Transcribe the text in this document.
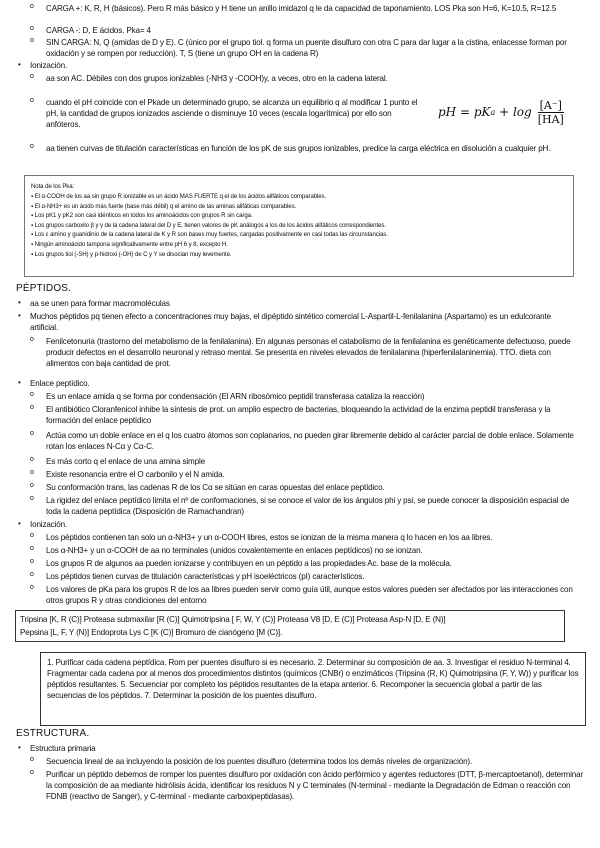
o CARGA +: K, R, H (básicos). Pero R más básico y H tiene un anillo imidazol q le da capacidad de taponamiento. LOS Pka son H=6, K=10.5, R=12.5
o CARGA -: D, E ácidos. Pka= 4
o SIN CARGA: N, Q (amidas de D y E). C (único por el grupo tiol. q forma un puente disulfuro con otra C para dar lugar a la cistina, enlacesse forman por oxidación y se rompen por reducción). T, S (tiene un grupo OH en la cadena R)
• Ionización.
o aa son AC. Débiles con dos grupos ionizables (-NH3 y -COOH)y, a veces, otro en la cadena lateral.
o cuando el pH coincide con el Pkade un determinado grupo, se alcanza un equilibrio q al modificar 1 punto el pH, la cantidad de grupos ionizados asciende o disminuye 10 veces (escala logarítmica) por ello son anfóteros.
o aa tienen curvas de titulación características en función de los pK de sus grupos ionizables, predice la carga eléctrica en disolución a cualquier pH.
pH = pK $a + \log \frac{[A^-]}{[HA]}$
Nota de los Pka:
▪ El α-COOH de los aa sin grupo R ionizable es un ácido MAS FUERTE q el de los ácidos alifáticos comparables.
▪ El α-NH3+ es un ácido más fuerte (base más débil) q el amino de las aminas alifáticas comparables.
▪ Los pK1 y pK2 son casi idénticos en todos los aminoácidos con grupos R sin carga.
▪ Los grupos carboxilo β y γ de la cadena lateral del D y E, tienen valores de pK análogos a los de los ácidos alifáticos correspondientes.
▪ Los ε amino y guanidinio de la cadena lateral de K y R son bases muy fuertes, cargadas positivamente en casi todas las circunstancias.
▪ Ningún aminoácido tampona significativamente entre pH 6 y 8, excepto H.
▪ Los grupos tiol (-SH) y p-hidroxi (-OH) de C y Y se disocian muy levemente.
PÉPTIDOS.
• aa se unen para formar macromoléculas
• Muchos péptidos pq tienen efecto a concentraciones muy bajas, el dipéptido sintético comercial L-Aspartil-L-fenilalanina (Aspartamo) es un edulcorante artificial.
o Fenilcetonuria (trastorno del metabolismo de la fenilalanina). En algunas personas el catabolismo de la fenilalanina es genéticamente defectuoso, puede producir defectos en el desarrollo neuronal y retraso mental. Se presenta en niveles elevados de fenilalanina (hiperfenilalaninemia). TTO. dieta con alimentos con baja cantidad de prot.
• Enlace peptídico.
o Es un enlace amida q se forma por condensación (El ARN ribosómico peptidil transferasa cataliza la reacción)
o El antibiótico Cloranfenicol inhibe la síntesis de prot. un amplio espectro de bacterias, bloqueando la actividad de la enzima peptidil transferasa y la formación del enlace peptídico
o Actúa como un doble enlace en el q los cuatro átomos son coplanarios, no pueden girar libremente debido al carácter parcial de doble enlace. Solamente rotan los enlaces N-Cα y Cα-C.
o Es más corto q el enlace de una amina simple
o Existe resonancia entre el O carbonilo y el N amida.
o Su conformación trans, las cadenas R de los Cα se sitúan en caras opuestas del enlace peptídico.
o La rigidez del enlace peptídico limita el nº de conformaciones, si se conoce el valor de los ángulos phi y psi, se puede conocer la disposición espacial de toda la cadena peptídica (Disposición de Ramachandran)
• Ionización.
o Los péptidos contienen tan solo un α-NH3+ y un α-COOH libres, estos se ionizan de la misma manera q lo hacen en los aa libres.
o Los α-NH3+ y un α-COOH de aa no terminales (unidos covalentemente en enlaces peptídicos) no se ionizan.
o Los grupos R de algunos aa pueden ionizarse y contribuyen en un péptido a las propiedades Ac. base de la molécula.
o Los péptidos tienen curvas de titulación características y pH isoeléctricos (pI) característicos.
o Los valores de pKa para los grupos R de los aa libres pueden servir como guía útil, aunque estos valores pueden ser afectados por las interacciones con otros grupos R y otras condiciones del entorno
Tripsina [K, R (C)] Proteasa submaxilar [R (C)] Quimotripsina [ F, W, Y (C)] Proteasa V8 [D, E (C)] Proteasa Asp-N [D, E (N)]
Pepsina [L, F, Y (N)] Endoprota Lys C [K (C)] Bromuro de cianógeno [M (C)].
1. Purificar cada cadena peptídica. Rom per puentes disulfuro si es necesario. 2. Determinar su composición de aa. 3. Investigar el residuo N-terminal 4. Fragmentar cada cadena por al menos dos procedimientos distintos (químicos (CNBr) o enzimáticos (Tripsina (R, K) Quimotripsina (F, Y, W)) y purificar los péptidos resultantes. 5. Secuenciar por completo los péptidos resultantes de la etapa anterior. 6. Recomponer la secuencia global a partir de las secuencias de los péptidos. 7. Determinar la posición de los puentes disulfuro.
ESTRUCTURA.
• Estructura primaria
o Secuencia lineal de aa incluyendo la posición de los puentes disulfuro (determina todos los demás niveles de organización).
o Purificar un péptido debemos de romper los puentes disulfuro por oxidación con ácido perfórmico y agentes reductores (DTT, β-mercaptoetanol), determinar la composición de aa mediante hidrólisis ácida, identificar los residuos N y C terminales (N-terminal - mediante la Degradación de Edman o reacción con FDNB (reactivo de Sanger), y C-terminal - mediante carboxipeptidasas).
